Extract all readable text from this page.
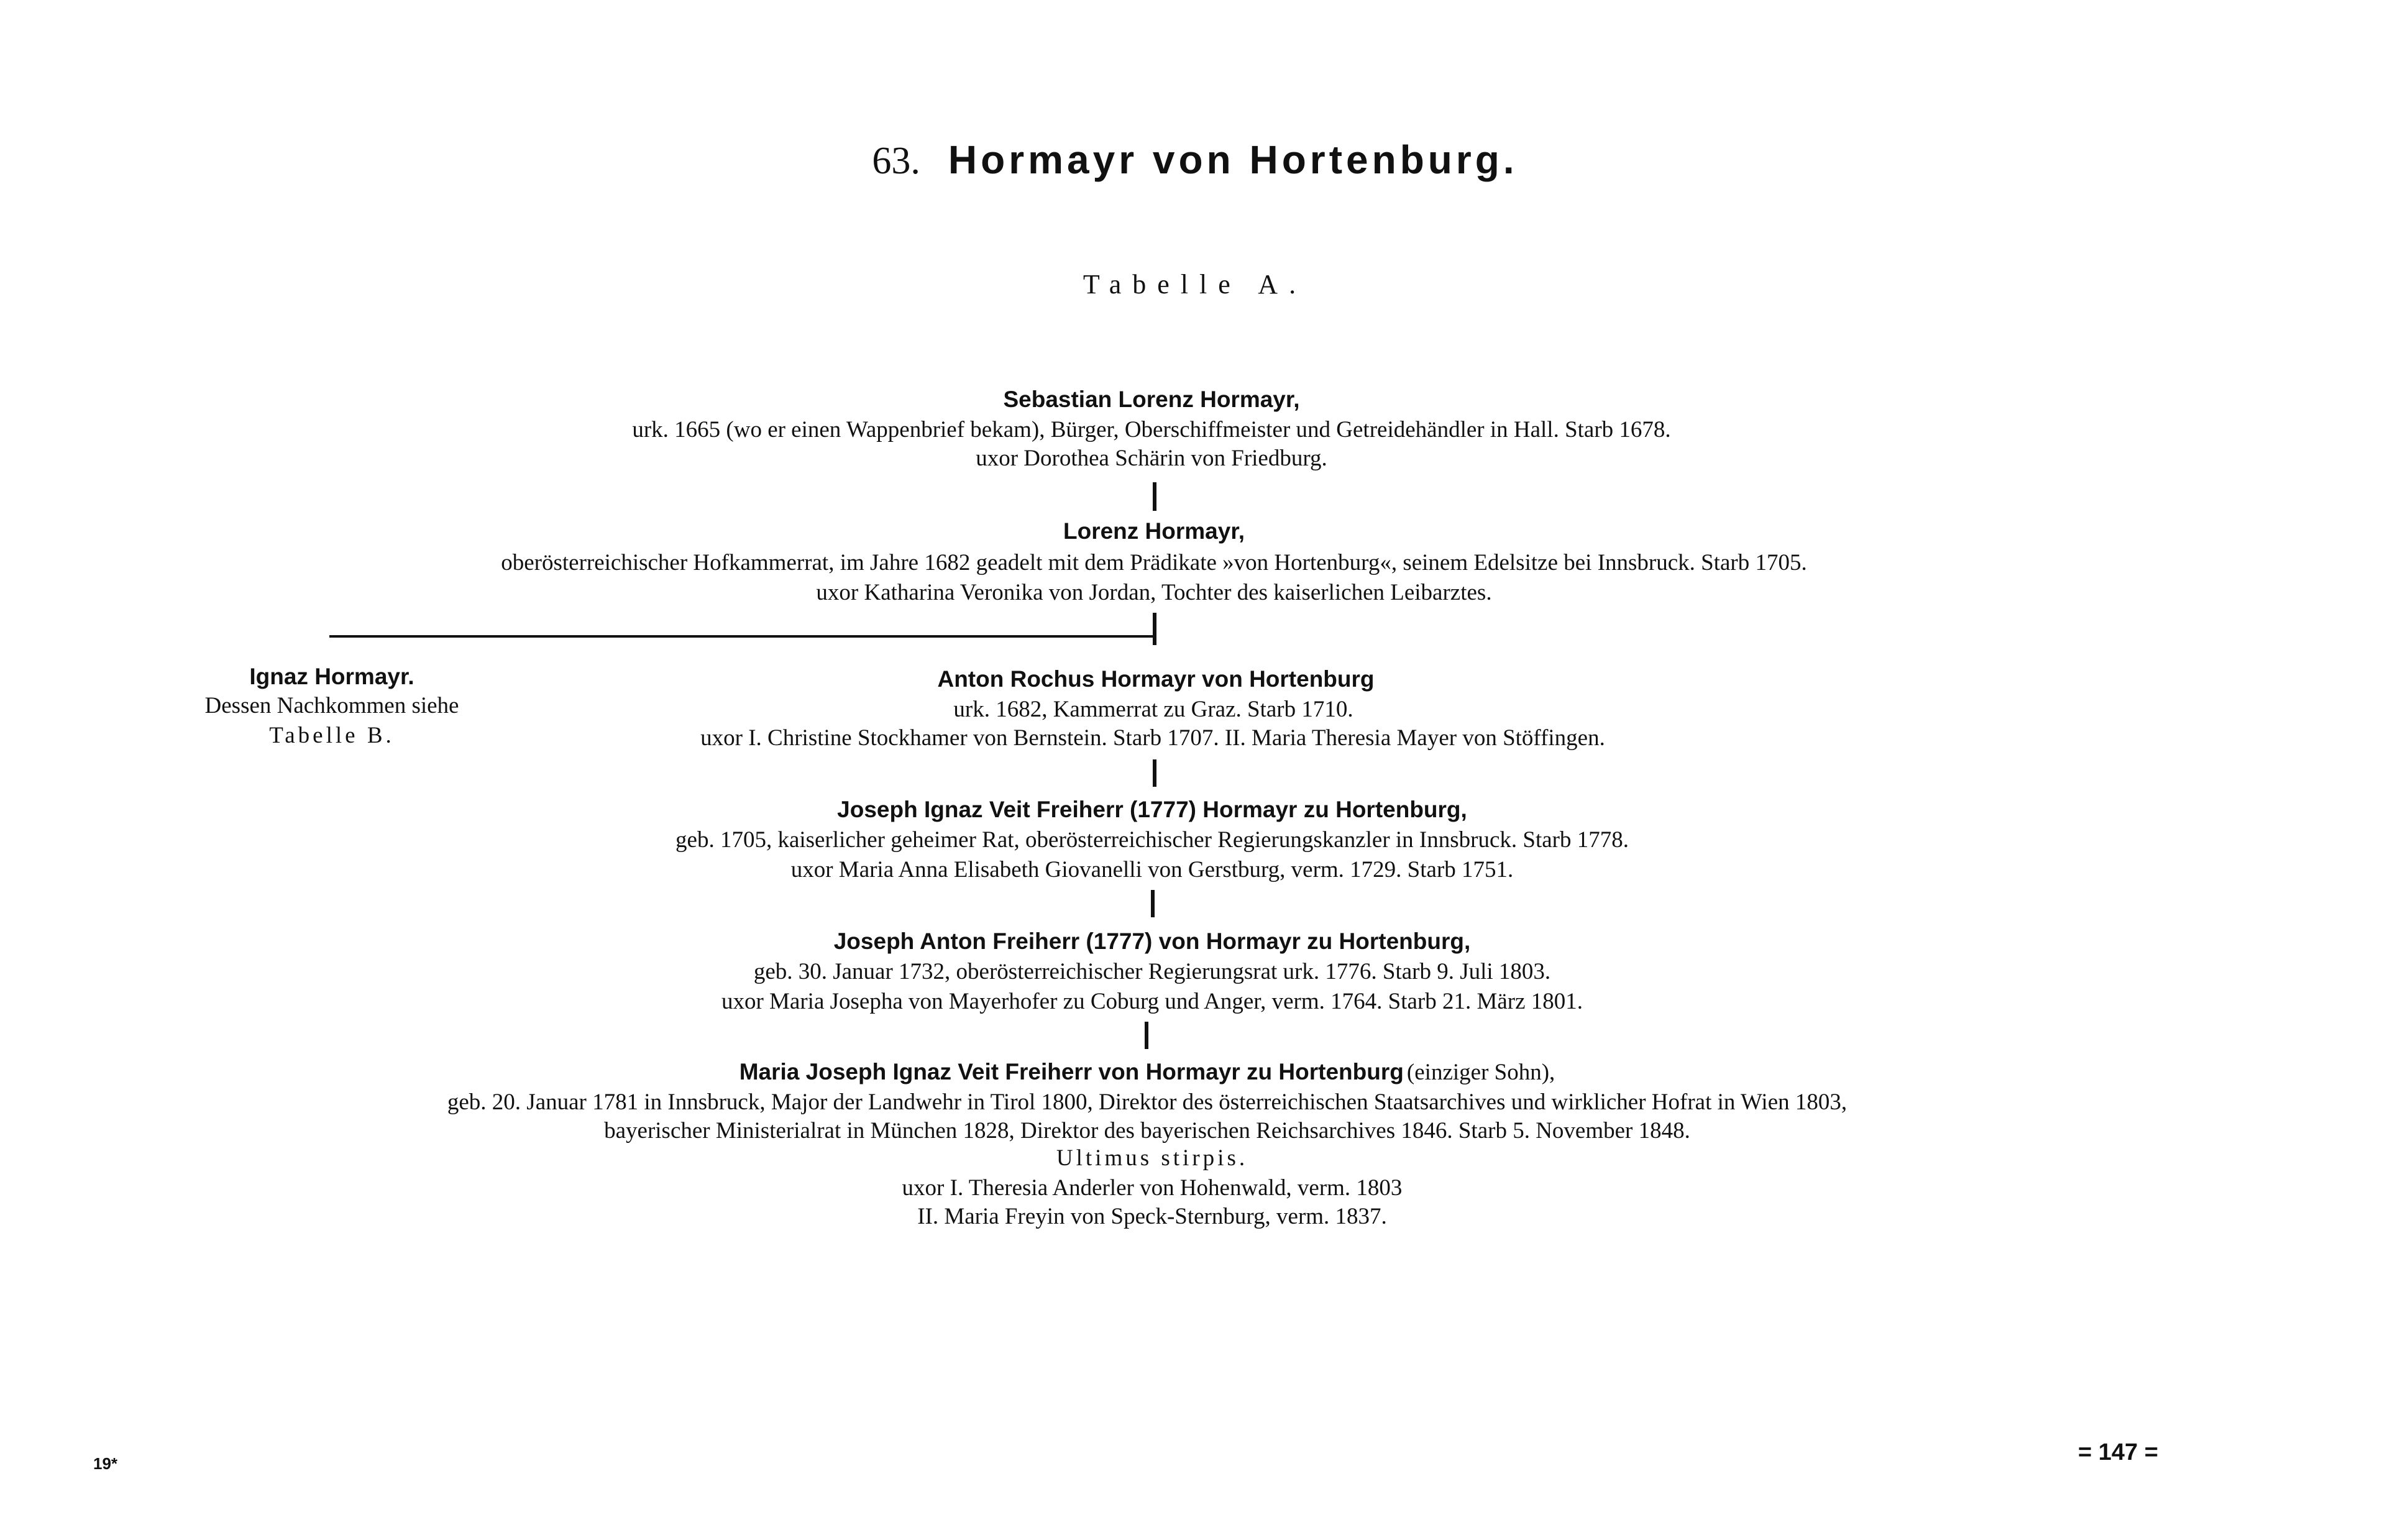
63. Hormayr von Hortenburg.
Tabelle A.
Sebastian Lorenz Hormayr,
urk. 1665 (wo er einen Wappenbrief bekam), Bürger, Oberschiffmeister und Getreidehändler in Hall. Starb 1678.
uxor Dorothea Schärin von Friedburg.
Lorenz Hormayr,
oberösterreichischer Hofkammerrat, im Jahre 1682 geadelt mit dem Prädikate »von Hortenburg«, seinem Edelsitze bei Innsbruck. Starb 1705.
uxor Katharina Veronika von Jordan, Tochter des kaiserlichen Leibarztes.
Ignaz Hormayr.
Dessen Nachkommen siehe
Tabelle B.
Anton Rochus Hormayr von Hortenburg
urk. 1682, Kammerrat zu Graz. Starb 1710.
uxor I. Christine Stockhamer von Bernstein. Starb 1707. II. Maria Theresia Mayer von Stöffingen.
Joseph Ignaz Veit Freiherr (1777) Hormayr zu Hortenburg,
geb. 1705, kaiserlicher geheimer Rat, oberösterreichischer Regierungskanzler in Innsbruck. Starb 1778.
uxor Maria Anna Elisabeth Giovanelli von Gerstburg, verm. 1729. Starb 1751.
Joseph Anton Freiherr (1777) von Hormayr zu Hortenburg,
geb. 30. Januar 1732, oberösterreichischer Regierungsrat urk. 1776. Starb 9. Juli 1803.
uxor Maria Josepha von Mayerhofer zu Coburg und Anger, verm. 1764. Starb 21. März 1801.
Maria Joseph Ignaz Veit Freiherr von Hormayr zu Hortenburg (einziger Sohn),
geb. 20. Januar 1781 in Innsbruck, Major der Landwehr in Tirol 1800, Direktor des österreichischen Staatsarchives und wirklicher Hofrat in Wien 1803,
bayerischer Ministerialrat in München 1828, Direktor des bayerischen Reichsarchives 1846. Starb 5. November 1848.
Ultimus stirpis.
uxor I. Theresia Anderler von Hohenwald, verm. 1803
II. Maria Freyin von Speck-Sternburg, verm. 1837.
19*	= 147 =
